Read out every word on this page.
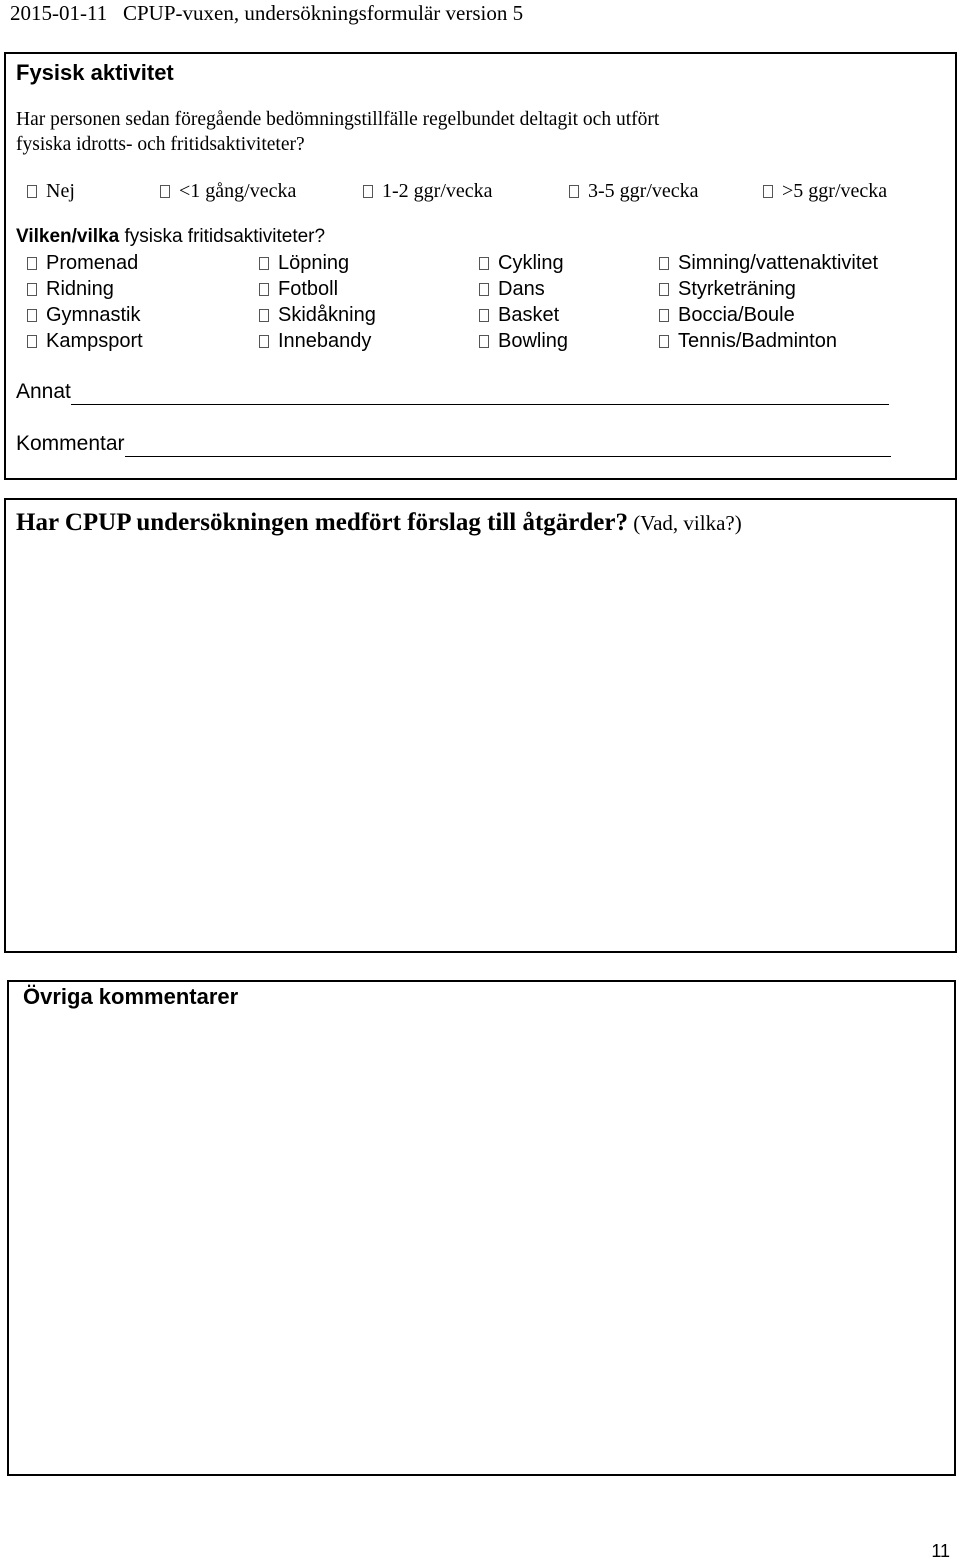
2015-01-11 CPUP-vuxen, undersökningsformulär version 5
Fysisk aktivitet
Har personen sedan föregående bedömningstillfälle regelbundet deltagit och utfört
fysiska idrotts- och fritidsaktiviteter?
Nej	<1 gång/vecka	1-2 ggr/vecka	3-5 ggr/vecka	>5 ggr/vecka
Vilken/vilka fysiska fritidsaktiviteter?
Promenad	Löpning	Cykling	Simning/vattenaktivitet
Ridning	Fotboll	Dans	Styrketräning
Gymnastik	Skidåkning	Basket	Boccia/Boule
Kampsport	Innebandy	Bowling	Tennis/Badminton
Annat
Kommentar
Har CPUP undersökningen medfört förslag till åtgärder? (Vad, vilka?)
Övriga kommentarer
11
